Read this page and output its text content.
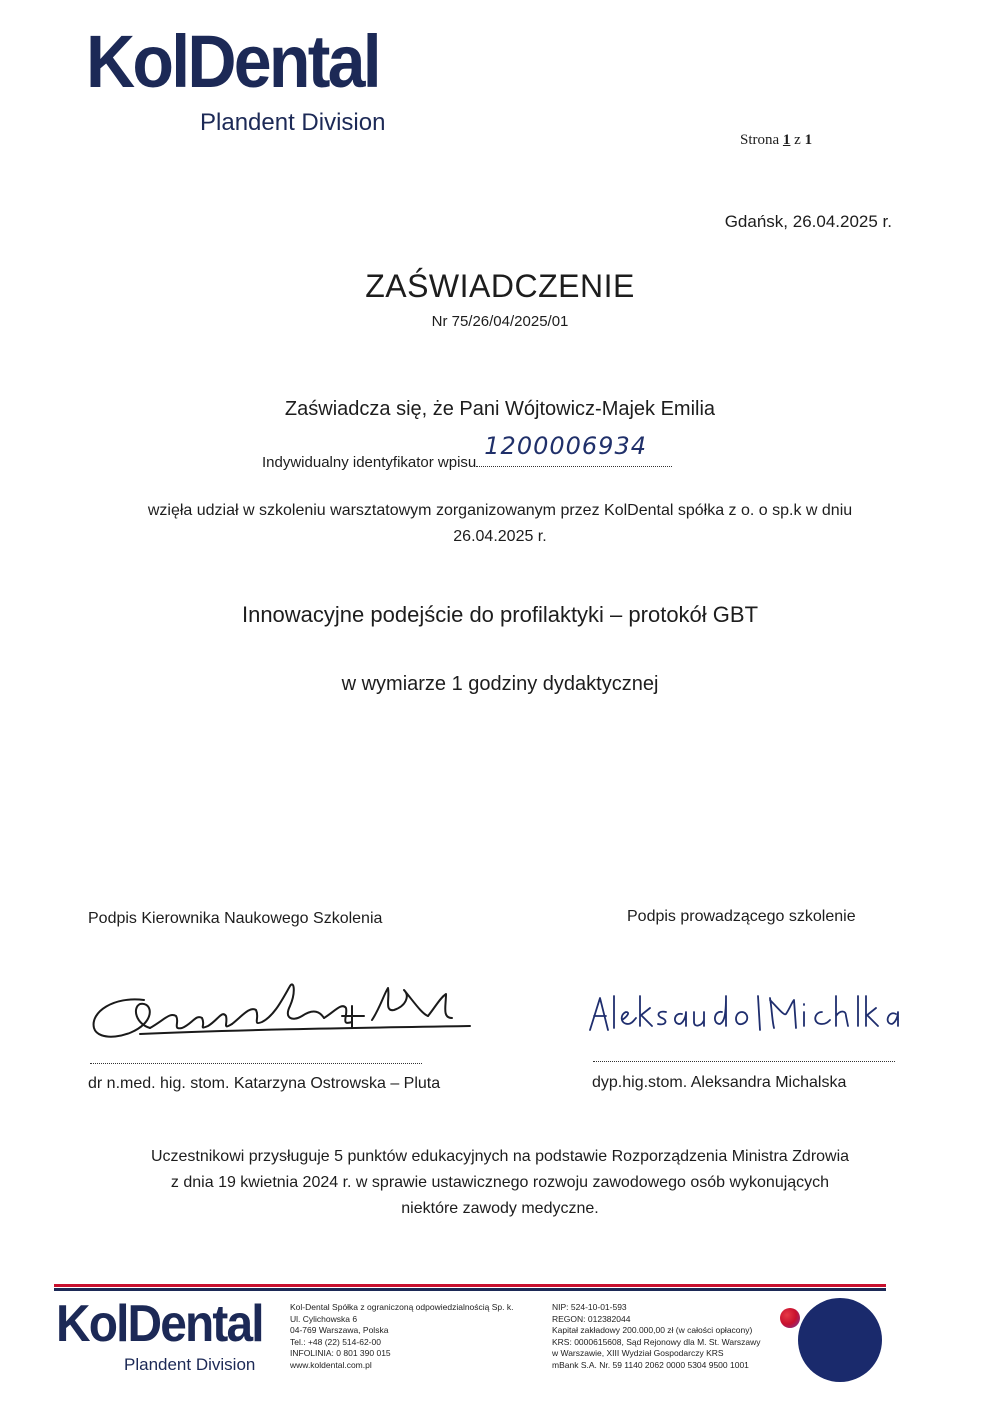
KolDental
Plandent Division
Strona 1 z 1
Gdańsk, 26.04.2025 r.
ZAŚWIADCZENIE
Nr 75/26/04/2025/01
Zaświadcza się, że Pani Wójtowicz-Majek Emilia
Indywidualny identyfikator wpisu
1200006934
wzięła udział w szkoleniu warsztatowym zorganizowanym przez KolDental spółka z o. o sp.k w dniu
26.04.2025 r.
Innowacyjne podejście do profilaktyki – protokół GBT
w wymiarze 1 godziny dydaktycznej
Podpis Kierownika Naukowego Szkolenia	Podpis prowadzącego szkolenie
dr n.med. hig. stom. Katarzyna Ostrowska – Pluta	dyp.hig.stom. Aleksandra Michalska
Uczestnikowi przysługuje 5 punktów edukacyjnych na podstawie Rozporządzenia Ministra Zdrowia
z dnia 19 kwietnia 2024 r. w sprawie ustawicznego rozwoju zawodowego osób wykonujących
niektóre zawody medyczne.
KolDental
Plandent Division
Kol-Dental Spółka z ograniczoną odpowiedzialnością Sp. k.
Ul. Cylichowska 6
04-769 Warszawa, Polska
Tel.: +48 (22) 514-62-00
INFOLINIA: 0 801 390 015
www.koldental.com.pl
NIP: 524-10-01-593
REGON: 012382044
Kapitał zakładowy 200.000,00 zł (w całości opłacony)
KRS: 0000615608, Sąd Rejonowy dla M. St. Warszawy
w Warszawie, XIII Wydział Gospodarczy KRS
mBank S.A. Nr. 59 1140 2062 0000 5304 9500 1001
